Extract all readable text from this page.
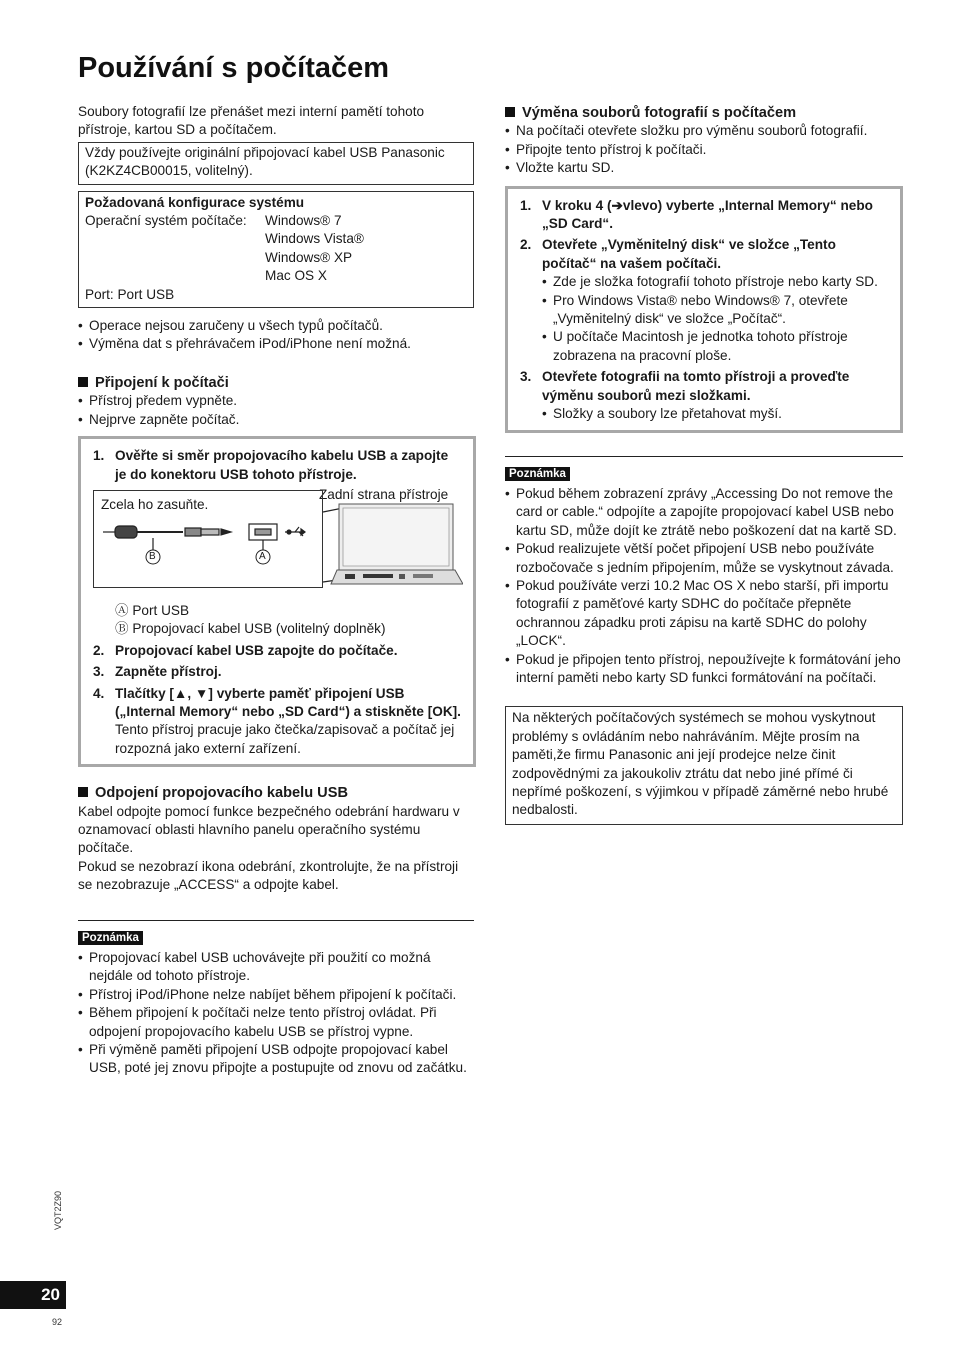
Používání s počítačem

Soubory fotografií lze přenášet mezi interní pamětí tohoto přístroje, kartou SD a počítačem.

Vždy používejte originální připojovací kabel USB Panasonic (K2KZ4CB00015, volitelný).
Požadovaná konfigurace systému
Operační systém počítače:	Windows® 7
Windows Vista®
Windows® XP
Mac OS X
Port: Port USB
• Operace nejsou zaručeny u všech typů počítačů.
• Výměna dat s přehrávačem iPod/iPhone není možná.
Připojení k počítači
• Přístroj předem vypněte.
• Nejprve zapněte počítač.
1. Ověřte si směr propojovacího kabelu USB a zapojte je do konektoru USB tohoto přístroje.
Zadní strana přístroje
Zcela ho zasuňte.
B	A
Ⓐ Port USB
Ⓑ Propojovací kabel USB (volitelný doplněk)
2. Propojovací kabel USB zapojte do počítače.
3. Zapněte přístroj.
4. Tlačítky [▲, ▼] vyberte paměť připojení USB („Internal Memory“ nebo „SD Card“) a stiskněte [OK].
Tento přístroj pracuje jako čtečka/zapisovač a počítač jej rozpozná jako externí zařízení.
Odpojení propojovacího kabelu USB

Kabel odpojte pomocí funkce bezpečného odebrání hardwaru v oznamovací oblasti hlavního panelu operačního systému počítače.

Pokud se nezobrazí ikona odebrání, zkontrolujte, že na přístroji se nezobrazuje „ACCESS“ a odpojte kabel.

Poznámka
• Propojovací kabel USB uchovávejte při použití co možná nejdále od tohoto přístroje.
• Přístroj iPod/iPhone nelze nabíjet během připojení k počítači.
• Během připojení k počítači nelze tento přístroj ovládat. Při odpojení propojovacího kabelu USB se přístroj vypne.
• Při výměně paměti připojení USB odpojte propojovací kabel USB, poté jej znovu připojte a postupujte od znovu od začátku.
Výměna souborů fotografií s počítačem
• Na počítači otevřete složku pro výměnu souborů fotografií.
• Připojte tento přístroj k počítači.
• Vložte kartu SD.
1. V kroku 4 (➔vlevo) vyberte „Internal Memory“ nebo „SD Card“.
2. Otevřete „Vyměnitelný disk“ ve složce „Tento počítač“ na vašem počítači.
• Zde je složka fotografií tohoto přístroje nebo karty SD.
• Pro Windows Vista® nebo Windows® 7, otevřete „Vyměnitelný disk“ ve složce „Počítač“.
• U počítače Macintosh je jednotka tohoto přístroje zobrazena na pracovní ploše.
3. Otevřete fotografii na tomto přístroji a proveďte výměnu souborů mezi složkami.
• Složky a soubory lze přetahovat myší.
Poznámka
• Pokud během zobrazení zprávy „Accessing Do not remove the card or cable.“ odpojíte a zapojíte propojovací kabel USB nebo kartu SD, může dojít ke ztrátě nebo poškození dat na kartě SD.
• Pokud realizujete větší počet připojení USB nebo používáte rozbočovače s jedním připojením, může se vyskytnout závada.
• Pokud používáte verzi 10.2 Mac OS X nebo starší, při importu fotografií z paměťové karty SDHC do počítače přepněte ochrannou západku proti zápisu na kartě SDHC do polohy „LOCK“.
• Pokud je připojen tento přístroj, nepoužívejte k formátování jeho interní paměti nebo karty SD funkci formátování na počítači.
Na některých počítačových systémech se mohou vyskytnout problémy s ovládáním nebo nahráváním. Mějte prosím na paměti,že firmu Panasonic ani její prodejce nelze činit zodpovědnými za jakoukoliv ztrátu dat nebo jiné přímé či nepřímé poškození, s výjimkou v případě záměrné nebo hrubé nedbalosti.
VQT2Z90
20
92
